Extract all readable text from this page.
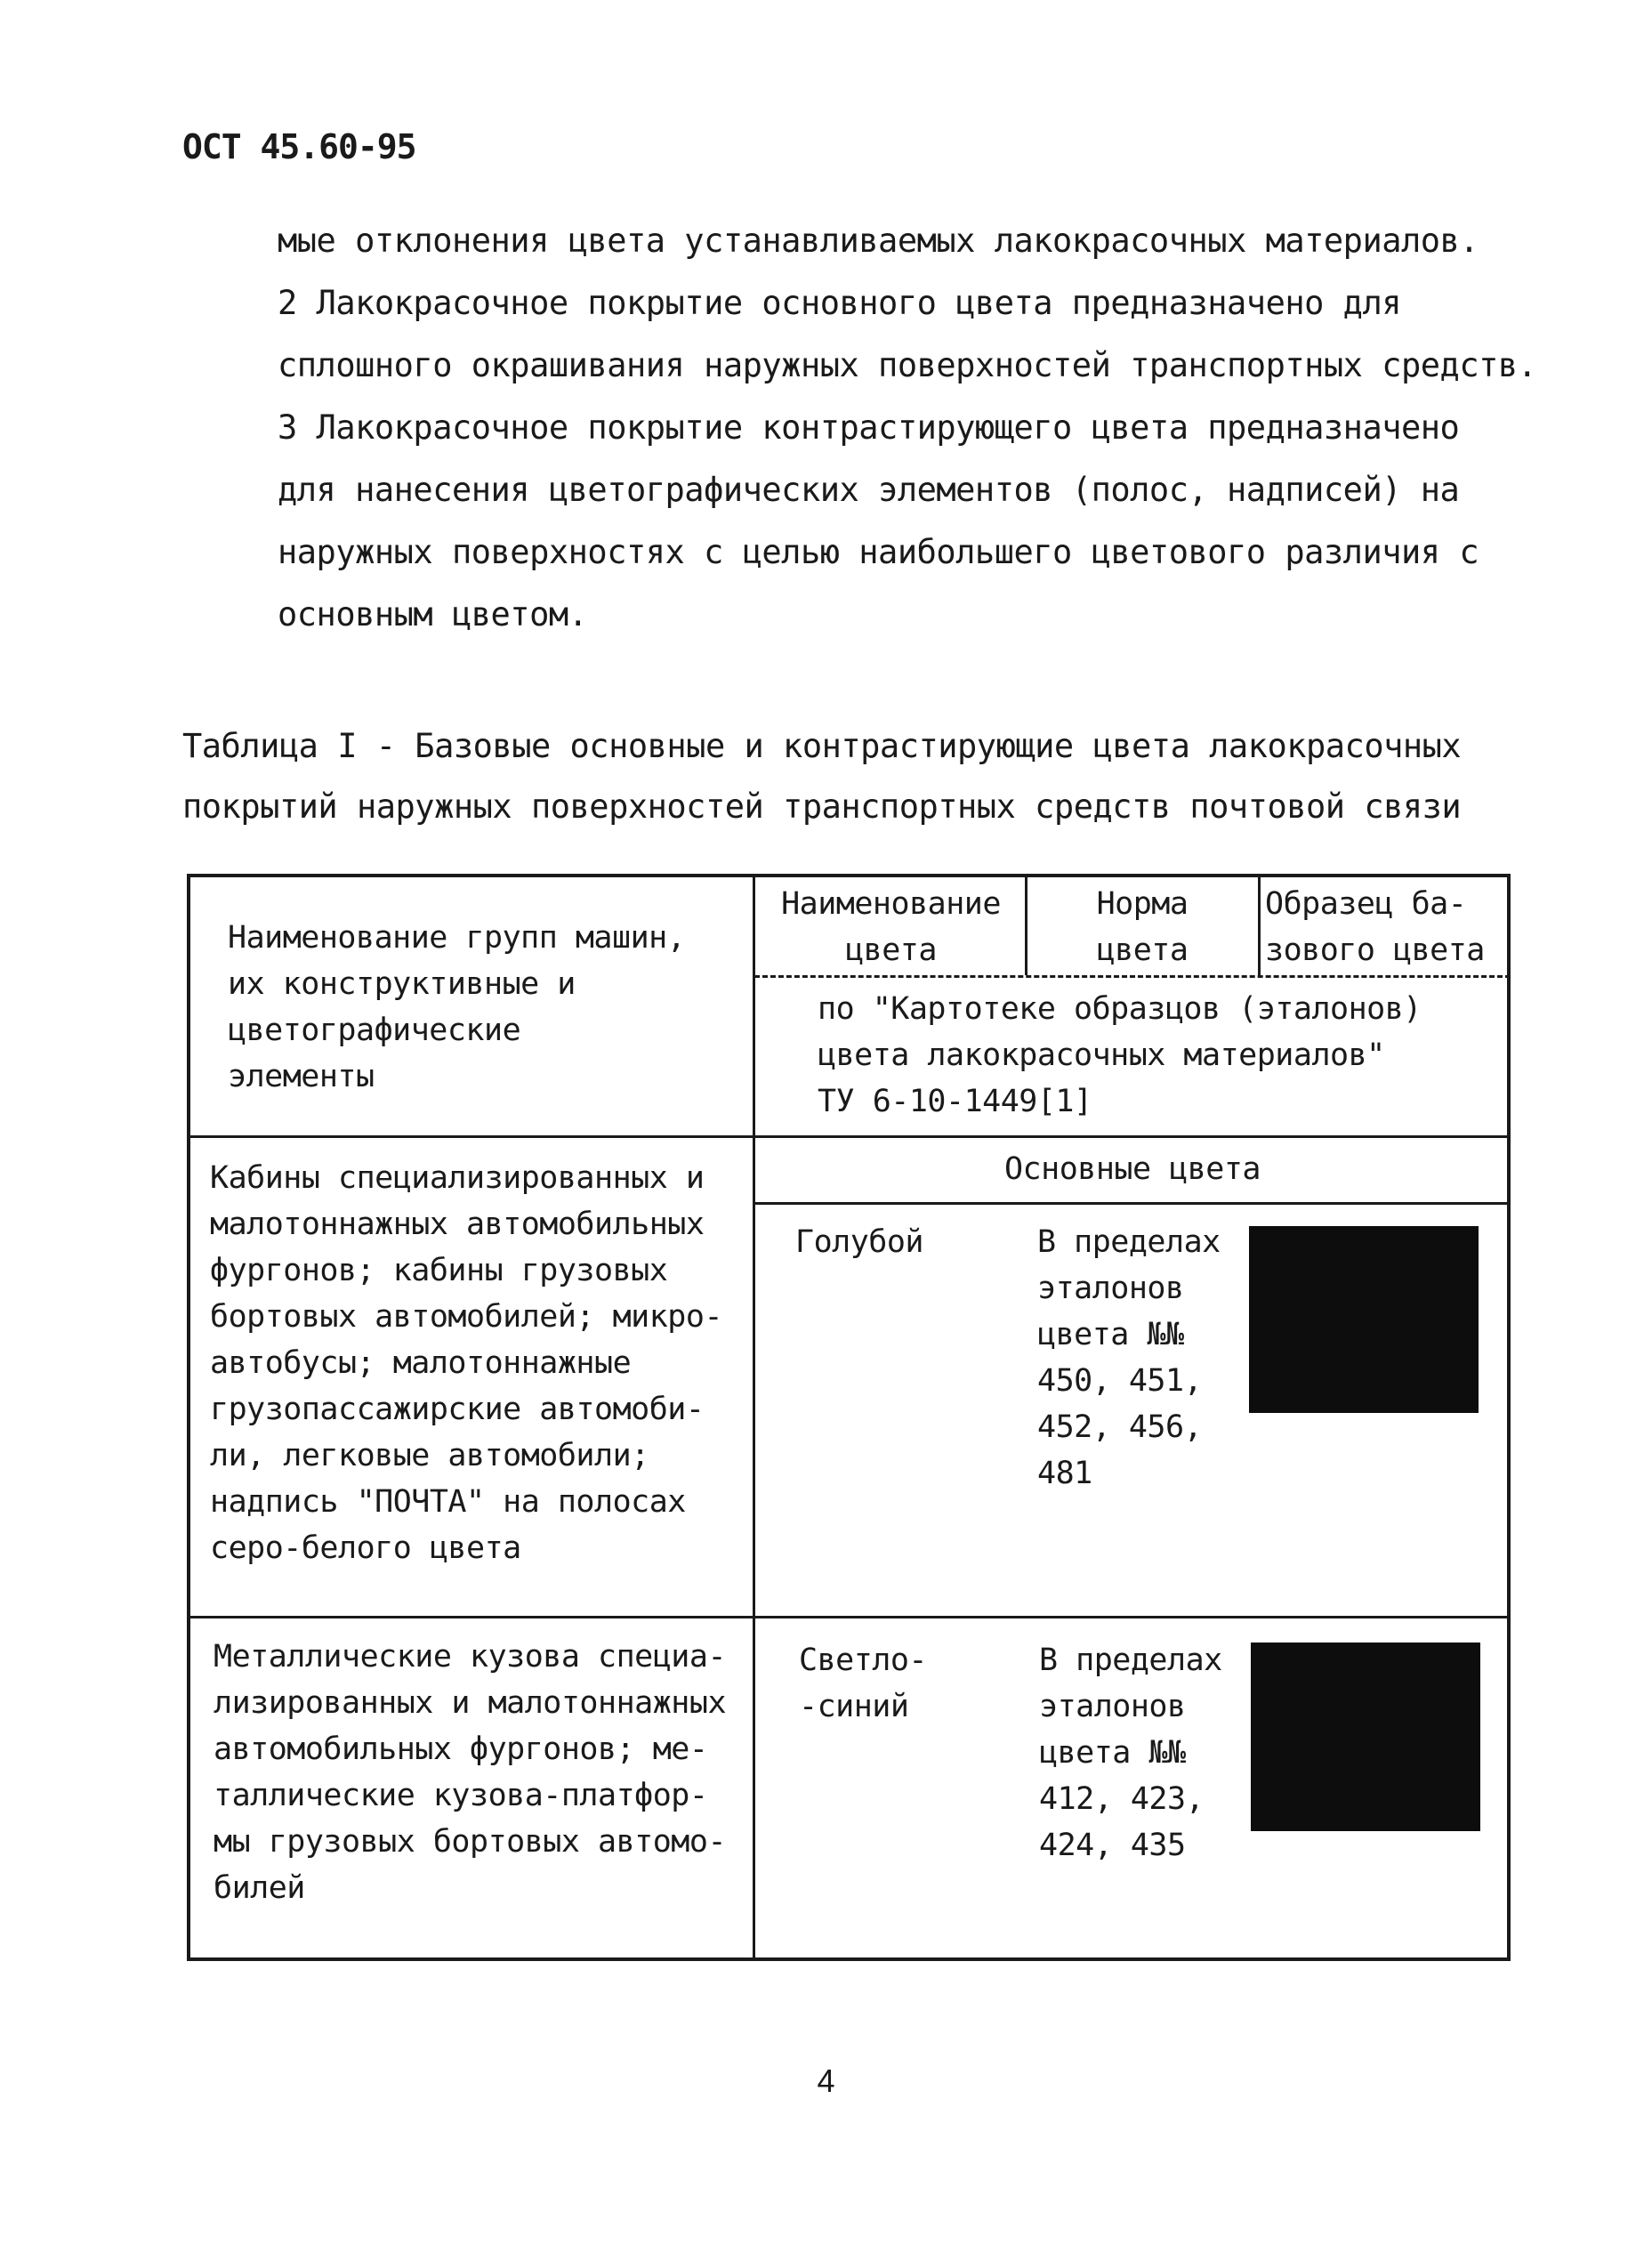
ОСТ 45.60-95
мые отклонения цвета устанавливаемых лакокрасочных материалов.
2 Лакокрасочное покрытие основного цвета предназначено для
сплошного окрашивания наружных поверхностей транспортных средств.
3 Лакокрасочное покрытие контрастирующего цвета предназначено
для нанесения цветографических элементов (полос, надписей) на
наружных поверхностях с целью наибольшего цветового различия с
основным цветом.
Таблица I - Базовые основные и контрастирующие цвета лакокрасочных
покрытий наружных поверхностей транспортных средств почтовой связи
Наименование групп машин,
их конструктивные и
цветографические
элементы
Наименование
цвета
Норма
цвета
Образец ба-
зового цвета
по "Картотеке образцов (эталонов)
цвета лакокрасочных материалов"
ТУ 6-10-1449[1]
Основные цвета
Кабины специализированных и
малотоннажных автомобильных
фургонов; кабины грузовых
бортовых автомобилей; микро-
автобусы; малотоннажные
грузопассажирские автомоби-
ли, легковые автомобили;
надпись "ПОЧТА" на полосах
серо-белого цвета
Голубой	В пределах
эталонов
цвета №№
450, 451,
452, 456,
481
Металлические кузова специа-
лизированных и малотоннажных
автомобильных фургонов; ме-
таллические кузова-платфор-
мы грузовых бортовых автомо-
билей
Светло-
-синий
В пределах
эталонов
цвета №№
412, 423,
424, 435
4
